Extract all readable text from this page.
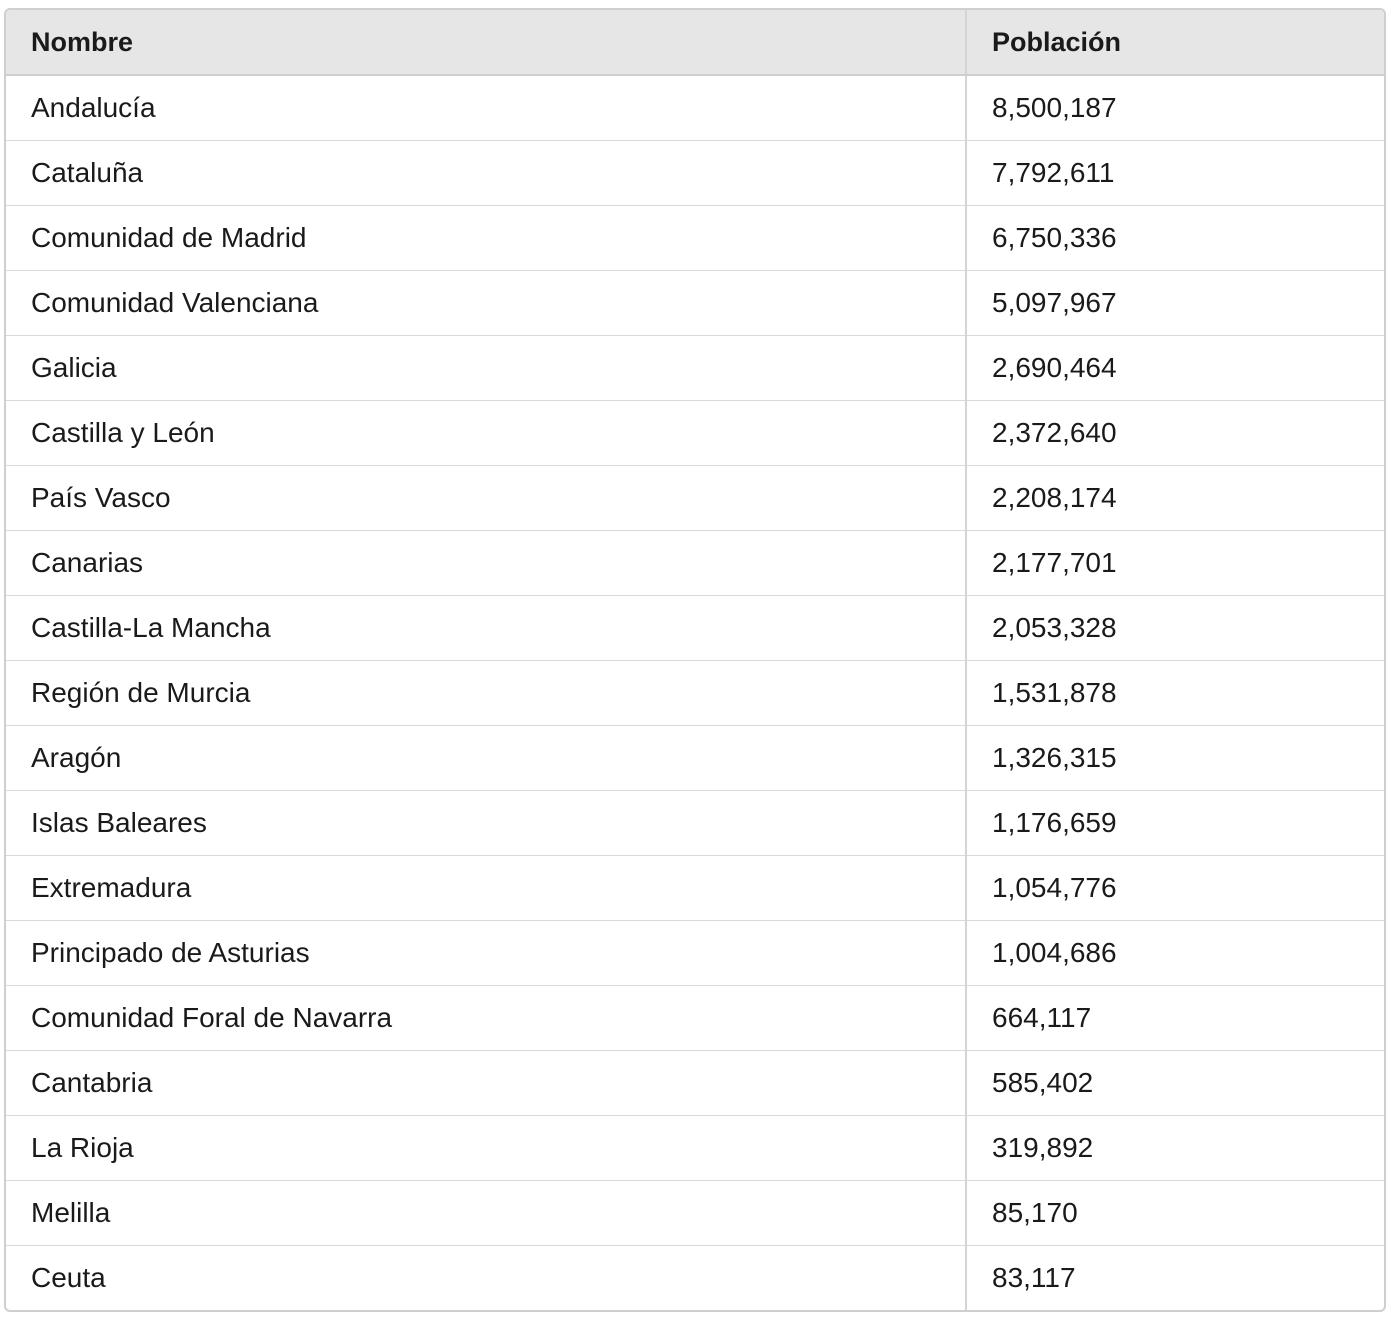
Nombre	Población
Andalucía	8,500,187
Cataluña	7,792,611
Comunidad de Madrid	6,750,336
Comunidad Valenciana	5,097,967
Galicia	2,690,464
Castilla y León	2,372,640
País Vasco	2,208,174
Canarias	2,177,701
Castilla-La Mancha	2,053,328
Región de Murcia	1,531,878
Aragón	1,326,315
Islas Baleares	1,176,659
Extremadura	1,054,776
Principado de Asturias	1,004,686
Comunidad Foral de Navarra	664,117
Cantabria	585,402
La Rioja	319,892
Melilla	85,170
Ceuta	83,117
